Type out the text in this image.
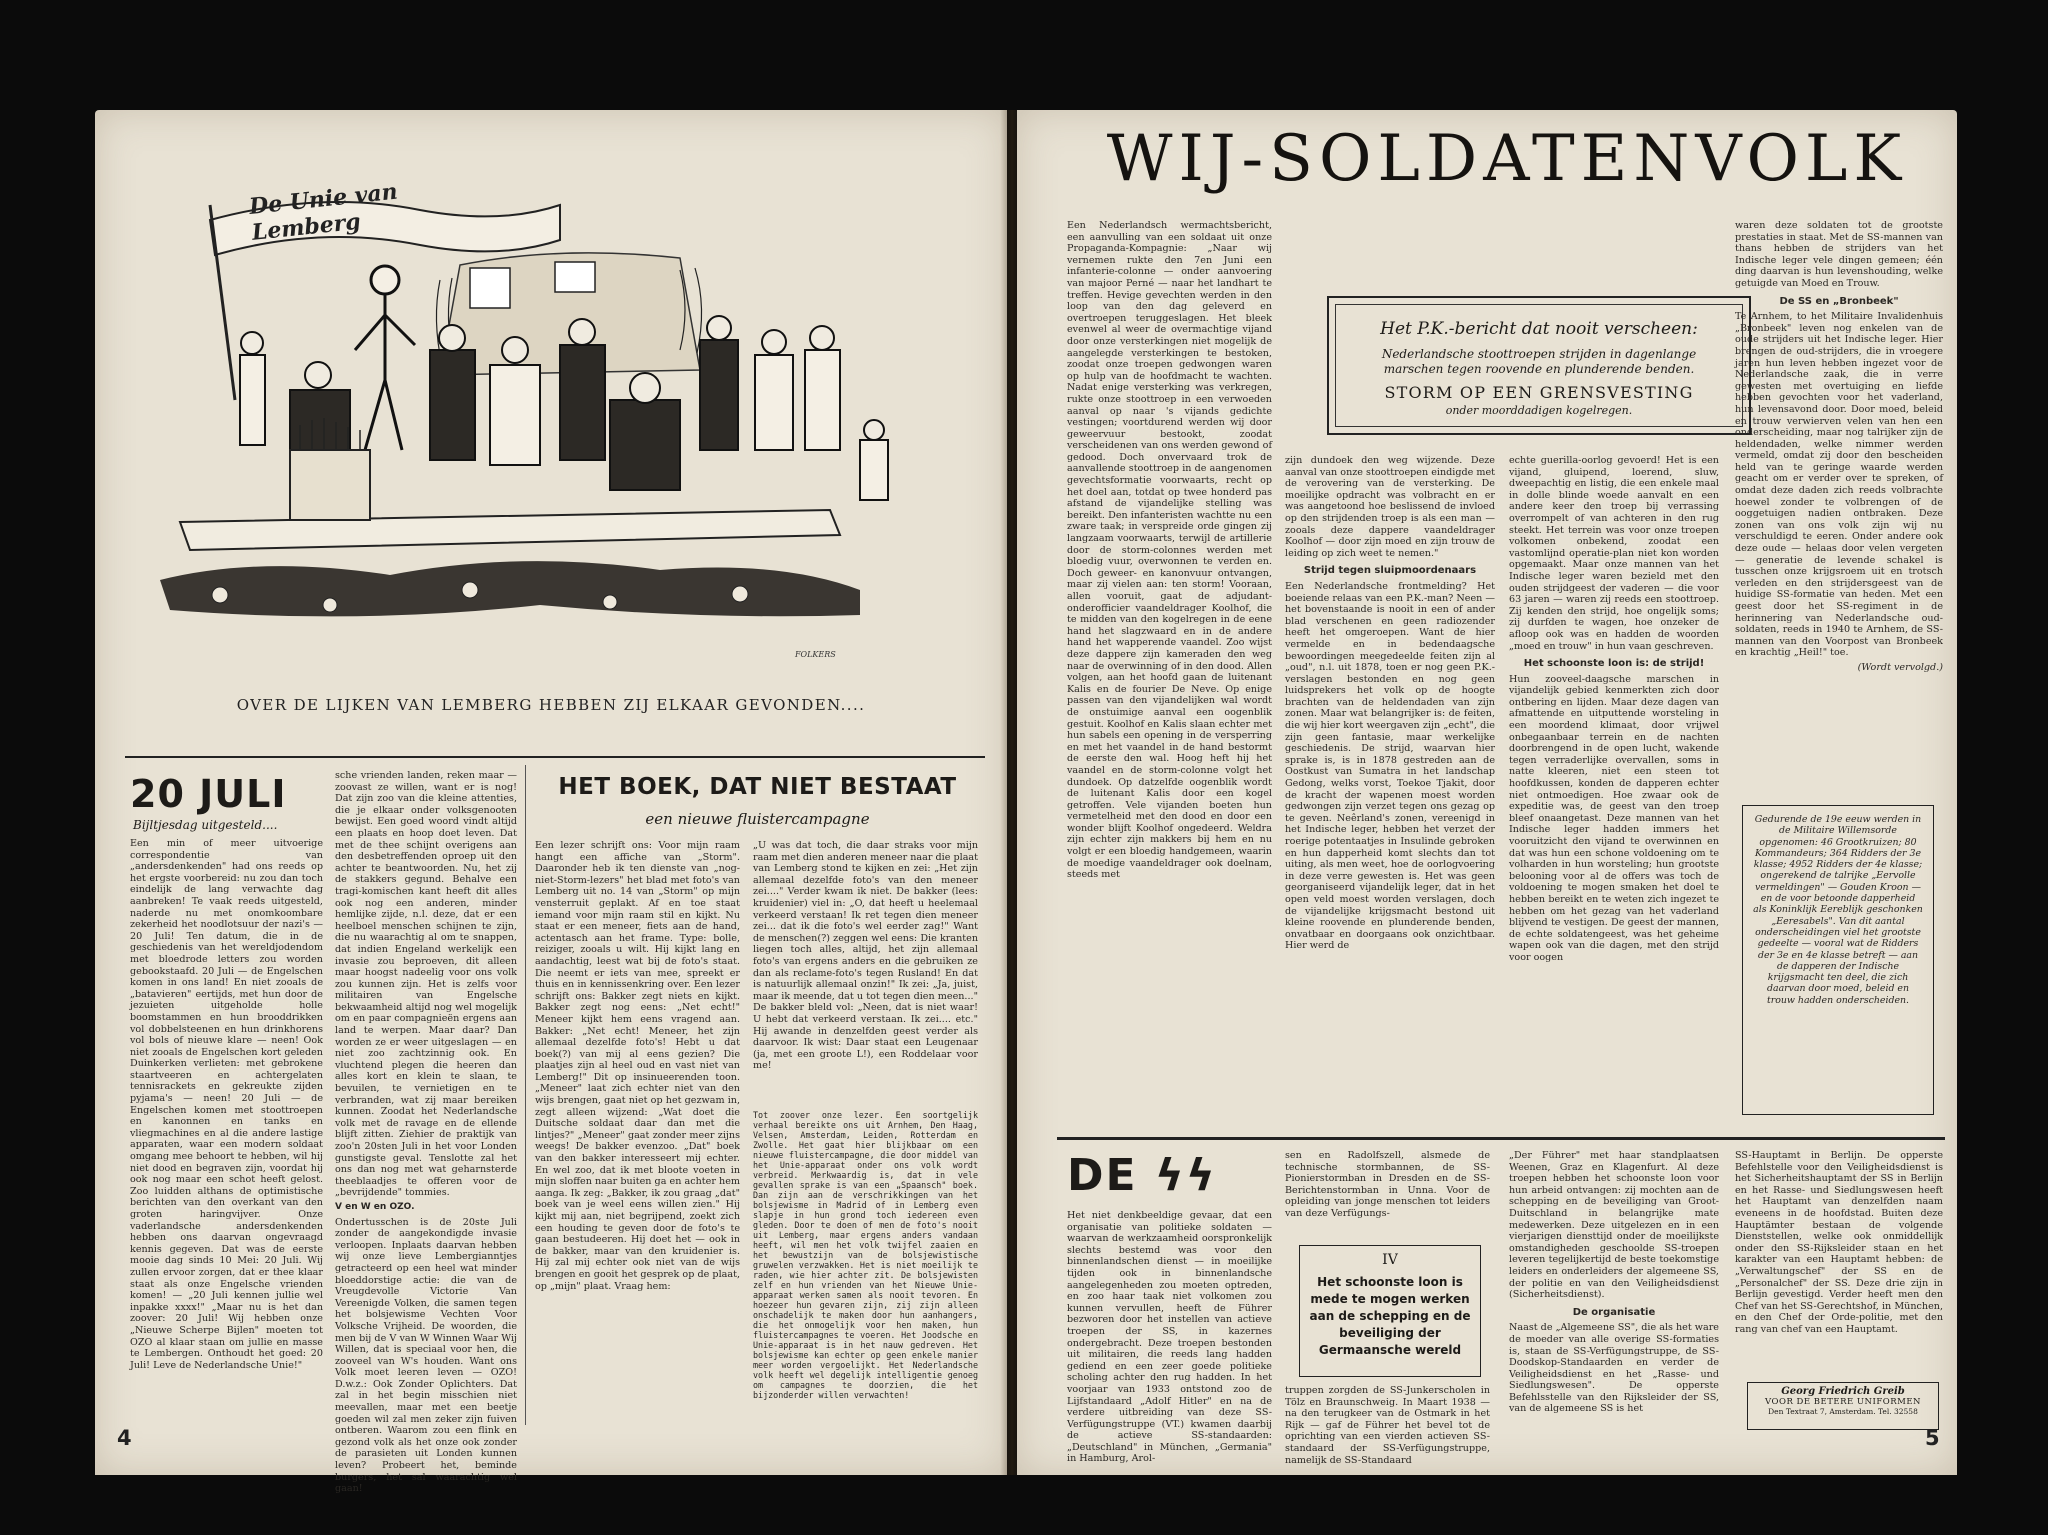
De Unie van Lemberg
FOLKERS
OVER DE LIJKEN VAN LEMBERG HEBBEN ZIJ ELKAAR GEVONDEN....
20 JULI
Bijltjesdag uitgesteld....

Een min of meer uitvoerige correspondentie van „andersdenkenden" had ons reeds op het ergste voorbereid: nu zou dan toch eindelijk de lang verwachte dag aanbreken! Te vaak reeds uitgesteld, naderde nu met onomkoombare zekerheid het noodlotsuur der nazi's — 20 Juli! Ten datum, die in de geschiedenis van het wereldjodendom met bloedrode letters zou worden gebookstaafd. 20 Juli — de Engelschen komen in ons land! En niet zooals de „batavieren" eertijds, met hun door de jezuieten uitgeholde holle boomstammen en hun brooddrikken vol dobbelsteenen en hun drinkhorens vol bols of nieuwe klare — neen! Ook niet zooals de Engelschen kort geleden Duinkerken verlieten: met gebrokene staartveeren en achtergelaten tennisrackets en gekreukte zijden pyjama's — neen! 20 Juli — de Engelschen komen met stoottroepen en kanonnen en tanks en vliegmachines en al die andere lastige apparaten, waar een modern soldaat omgang mee behoort te hebben, wil hij niet dood en begraven zijn, voordat hij ook nog maar een schot heeft gelost. Zoo luidden althans de optimistische berichten van den overkant van den groten haringvijver. Onze vaderlandsche andersdenkenden hebben ons daarvan ongevraagd kennis gegeven. Dat was de eerste mooie dag sinds 10 Mei: 20 Juli. Wij zullen ervoor zorgen, dat er thee klaar staat als onze Engelsche vrienden komen! — „20 Juli kennen jullie wel inpakke xxxx!" „Maar nu is het dan zoover: 20 Juli! Wij hebben onze „Nieuwe Scherpe Bijlen" moeten tot OZO al klaar staan om jullie en masse te Lembergen. Onthoudt het goed: 20 Juli! Leve de Nederlandsche Unie!"

sche vrienden landen, reken maar — zoovast ze willen, want er is nog! Dat zijn zoo van die kleine attenties, die je elkaar onder volksgenooten bewijst. Een goed woord vindt altijd een plaats en hoop doet leven. Dat met de thee schijnt overigens aan den desbetreffenden oproep uit den achter te beantwoorden. Nu, het zij de stakkers gegund. Behalve een tragi-komischen kant heeft dit alles ook nog een anderen, minder hemlijke zijde, n.l. deze, dat er een heelboel menschen schijnen te zijn, die nu waarachtig al om te snappen, dat indien Engeland werkelijk een invasie zou beproeven, dit alleen maar hoogst nadeelig voor ons volk zou kunnen zijn. Het is zelfs voor militairen van Engelsche bekwaamheid altijd nog wel mogelijk om en paar compagnieën ergens aan land te werpen. Maar daar? Dan worden ze er weer uitgeslagen — en niet zoo zachtzinnig ook. En vluchtend plegen die heeren dan alles kort en klein te slaan, te bevuilen, te vernietigen en te verbranden, wat zij maar bereiken kunnen. Zoodat het Nederlandsche volk met de ravage en de ellende blijft zitten. Ziehier de praktijk van zoo'n 20sten Juli in het voor Londen gunstigste geval. Tenslotte zal het ons dan nog met wat geharnsterde theeblaadjes te offeren voor de „bevrijdende" tommies.

V en W en OZO.

Ondertusschen is de 20ste Juli zonder de aangekondigde invasie verloopen. Inplaats daarvan hebben wij onze lieve Lembergianntjes getracteerd op een heel wat minder bloeddorstige actie: die van de Vreugdevolle Victorie Van Vereenigde Volken, die samen tegen het bolsjewisme Vechten Voor Volksche Vrijheid. De woorden, die men bij de V van W Winnen Waar Wij Willen, dat is speciaal voor hen, die zooveel van W's houden. Want ons Volk moet leeren leven — OZO! D.w.z.: Ook Zonder Oplichters. Dat zal in het begin misschien niet meevallen, maar met een beetje goeden wil zal men zeker zijn fuiven ontberen. Waarom zou een flink en gezond volk als het onze ook zonder de parasieten uit Londen kunnen leven? Probeert het, beminde burgers, het sal waarachtig wel gaan!

HET BOEK, DAT NIET BESTAAT
een nieuwe fluistercampagne

Een lezer schrijft ons: Voor mijn raam hangt een affiche van „Storm". Daaronder heb ik ten dienste van „nog-niet-Storm-lezers" het blad met foto's van Lemberg uit no. 14 van „Storm" op mijn vensterruit geplakt. Af en toe staat iemand voor mijn raam stil en kijkt. Nu staat er een meneer, fiets aan de hand, actentasch aan het frame. Type: bolle, reiziger, zooals u wilt. Hij kijkt lang en aandachtig, leest wat bij de foto's staat. Die neemt er iets van mee, spreekt er thuis en in kennissenkring over. Een lezer schrijft ons: Bakker zegt niets en kijkt. Bakker zegt nog eens: „Net echt!" Meneer kijkt hem eens vragend aan. Bakker: „Net echt! Meneer, het zijn allemaal dezelfde foto's! Hebt u dat boek(?) van mij al eens gezien? Die plaatjes zijn al heel oud en vast niet van Lemberg!" Dit op insinueerenden toon. „Meneer" laat zich echter niet van den wijs brengen, gaat niet op het gezwam in, zegt alleen wijzend: „Wat doet die Duitsche soldaat daar dan met die lintjes?" „Meneer" gaat zonder meer zijns weegs! De bakker evenzoo. „Dat" boek van den bakker interesseert mij echter. En wel zoo, dat ik met bloote voeten in mijn sloffen naar buiten ga en achter hem aanga. Ik zeg: „Bakker, ik zou graag „dat" boek van je weel eens willen zien." Hij kijkt mij aan, niet begrijpend, zoekt zich een houding te geven door de foto's te gaan bestudeeren. Hij doet het — ook in de bakker, maar van den kruidenier is. Hij zal mij echter ook niet van de wijs brengen en gooit het gesprek op de plaat, op „mijn" plaat. Vraag hem:

„U was dat toch, die daar straks voor mijn raam met dien anderen meneer naar die plaat van Lemberg stond te kijken en zei: „Het zijn allemaal dezelfde foto's van den meneer zei...." Verder kwam ik niet. De bakker (lees: kruidenier) viel in: „O, dat heeft u heelemaal verkeerd verstaan! Ik ret tegen dien meneer zei... dat ik die foto's wel eerder zag!" Want de menschen(?) zeggen wel eens: Die kranten liegen toch alles, altijd, het zijn allemaal foto's van ergens anders en die gebruiken ze dan als reclame-foto's tegen Rusland! En dat is natuurlijk allemaal onzin!" Ik zei: „Ja, juist, maar ik meende, dat u tot tegen dien meen..." De bakker bleld vol: „Neen, dat is niet waar! U hebt dat verkeerd verstaan. Ik zei.... etc." Hij awande in denzelfden geest verder als daarvoor. Ik wist: Daar staat een Leugenaar (ja, met een groote L!), een Roddelaar voor me!

Tot zoover onze lezer. Een soortgelijk verhaal bereikte ons uit Arnhem, Den Haag, Velsen, Amsterdam, Leiden, Rotterdam en Zwolle. Het gaat hier blijkbaar om een nieuwe fluistercampagne, die door middel van het Unie-apparaat onder ons volk wordt verbreid. Merkwaardig is, dat in vele gevallen sprake is van een „Spaansch" boek. Dan zijn aan de verschrikkingen van het bolsjewisme in Madrid of in Lemberg even slapje in hun grond toch iedereen even gleden. Door te doen of men de foto's nooit uit Lemberg, maar ergens anders vandaan heeft, wil men het volk twijfel zaaien en het bewustzijn van de bolsjewistische gruwelen verzwakken. Het is niet moeilijk te raden, wie hier achter zit. De bolsjewisten zelf en hun vrienden van het Nieuwe Unie-apparaat werken samen als nooit tevoren. En hoezeer hun gevaren zijn, zij zijn alleen onschadelijk te maken door hun aanhangers, die het onmogelijk voor hen maken, hun fluistercampagnes te voeren. Het Joodsche en Unie-apparaat is in het nauw gedreven. Het bolsjewisme kan echter op geen enkele manier meer worden vergoelijkt. Het Nederlandsche volk heeft wel degelijk intelligentie genoeg om campagnes te doorzien, die het bijzonderder willen verwachten!

4
WIJ-SOLDATENVOLK

Een Nederlandsch wermachtsbericht, een aanvulling van een soldaat uit onze Propaganda-Kompagnie: „Naar wij vernemen rukte den 7en Juni een infanterie-colonne — onder aanvoering van majoor Perné — naar het landhart te treffen. Hevige gevechten werden in den loop van den dag geleverd en overtroepen teruggeslagen. Het bleek evenwel al weer de overmachtige vijand door onze versterkingen niet mogelijk de aangelegde versterkingen te bestoken, zoodat onze troepen gedwongen waren op hulp van de hoofdmacht te wachten. Nadat enige versterking was verkregen, rukte onze stoottroep in een verwoeden aanval op naar 's vijands gedichte vestingen; voortdurend werden wij door geweervuur bestookt, zoodat verscheidenen van ons werden gewond of gedood. Doch onvervaard trok de aanvallende stoottroep in de aangenomen gevechtsformatie voorwaarts, recht op het doel aan, totdat op twee honderd pas afstand de vijandelijke stelling was bereikt. Den infanteristen wachtte nu een zware taak; in verspreide orde gingen zij langzaam voorwaarts, terwijl de artillerie door de storm-colonnes werden met bloedig vuur, overwonnen te verden en. Doch geweer- en kanonvuur ontvangen, maar zij vielen aan: ten storm! Vooraan, allen vooruit, gaat de adjudant-onderofficier vaandeldrager Koolhof, die te midden van den kogelregen in de eene hand het slagzwaard en in de andere hand het wapperende vaandel. Zoo wijst deze dappere zijn kameraden den weg naar de overwinning of in den dood. Allen volgen, aan het hoofd gaan de luitenant Kalis en de fourier De Neve. Op enige passen van den vijandelijken wal wordt de onstuimige aanval een oogenblik gestuit. Koolhof en Kalis slaan echter met hun sabels een opening in de versperring en met het vaandel in de hand bestormt de eerste den wal. Hoog heft hij het vaandel en de storm-colonne volgt het dundoek. Op datzelfde oogenblik wordt de luitenant Kalis door een kogel getroffen. Vele vijanden boeten hun vermetelheid met den dood en door een wonder blijft Koolhof ongedeerd. Weldra zijn echter zijn makkers bij hem en nu volgt er een bloedig handgemeen, waarin de moedige vaandeldrager ook doelnam, steeds met

Het P.K.-bericht dat nooit verscheen:
Nederlandsche stoottroepen strijden in dagenlange marschen tegen roovende en plunderende benden.
STORM OP EEN GRENSVESTING
onder moorddadigen kogelregen.

zijn dundoek den weg wijzende. Deze aanval van onze stoottroepen eindigde met de verovering van de versterking. De moeilijke opdracht was volbracht en er was aangetoond hoe beslissend de invloed op den strijdenden troep is als een man — zooals deze dappere vaandeldrager Koolhof — door zijn moed en zijn trouw de leiding op zich weet te nemen."

Strijd tegen sluipmoordenaars

Een Nederlandsche frontmelding? Het boeiende relaas van een P.K.-man? Neen — het bovenstaande is nooit in een of ander blad verschenen en geen radiozender heeft het omgeroepen. Want de hier vermelde en in bedendaagsche bewoordingen meegedeelde feiten zijn al „oud", n.l. uit 1878, toen er nog geen P.K.-verslagen bestonden en nog geen luidsprekers het volk op de hoogte brachten van de heldendaden van zijn zonen. Maar wat belangrijker is: de feiten, die wij hier kort weergaven zijn „echt", die zijn geen fantasie, maar werkelijke geschiedenis. De strijd, waarvan hier sprake is, is in 1878 gestreden aan de Oostkust van Sumatra in het landschap Gedong, welks vorst, Toekoe Tjakit, door de kracht der wapenen moest worden gedwongen zijn verzet tegen ons gezag op te geven. Neêrland's zonen, vereenigd in het Indische leger, hebben het verzet der roerige potentaatjes in Insulinde gebroken en hun dapperheid komt slechts dan tot uiting, als men weet, hoe de oorlogvoering in deze verre gewesten is. Het was geen georganiseerd vijandelijk leger, dat in het open veld moest worden verslagen, doch de vijandelijke krijgsmacht bestond uit kleine roovende en plunderende benden, onvatbaar en doorgaans ook onzichtbaar. Hier werd de

echte guerilla-oorlog gevoerd! Het is een vijand, gluipend, loerend, sluw, dweepachtig en listig, die een enkele maal in dolle blinde woede aanvalt en een andere keer den troep bij verrassing overrompelt of van achteren in den rug steekt. Het terrein was voor onze troepen volkomen onbekend, zoodat een vastomlijnd operatie-plan niet kon worden opgemaakt. Maar onze mannen van het Indische leger waren bezield met den ouden strijdgeest der vaderen — die voor 63 jaren — waren zij reeds een stoottroep. Zij kenden den strijd, hoe ongelijk soms; zij durfden te wagen, hoe onzeker de afloop ook was en hadden de woorden „moed en trouw" in hun vaan geschreven.

Het schoonste loon is: de strijd!

Hun zooveel-daagsche marschen in vijandelijk gebied kenmerkten zich door ontbering en lijden. Maar deze dagen van afmattende en uitputtende worsteling in een moordend klimaat, door vrijwel onbegaanbaar terrein en de nachten doorbrengend in de open lucht, wakende tegen verraderlijke overvallen, soms in natte kleeren, niet een steen tot hoofdkussen, konden de dapperen echter niet ontmoedigen. Hoe zwaar ook de expeditie was, de geest van den troep bleef onaangetast. Deze mannen van het Indische leger hadden immers het vooruitzicht den vijand te overwinnen en dat was hun een schone voldoening om te volharden in hun worsteling; hun grootste belooning voor al de offers was toch de voldoening te mogen smaken het doel te hebben bereikt en te weten zich ingezet te hebben om het gezag van het vaderland blijvend te vestigen. De geest der mannen, de echte soldatengeest, was het geheime wapen ook van die dagen, met den strijd voor oogen

waren deze soldaten tot de grootste prestaties in staat. Met de SS-mannen van thans hebben de strijders van het Indische leger vele dingen gemeen; één ding daarvan is hun levenshouding, welke getuigde van Moed en Trouw.

De SS en „Bronbeek"

Te Arnhem, to het Militaire Invalidenhuis „Bronbeek" leven nog enkelen van de oude strijders uit het Indische leger. Hier brengen de oud-strijders, die in vroegere jaren hun leven hebben ingezet voor de Nederlandsche zaak, die in verre gewesten met overtuiging en liefde hebben gevochten voor het vaderland, hun levensavond door. Door moed, beleid en trouw verwierven velen van hen een onderscheiding, maar nog talrijker zijn de heldendaden, welke nimmer werden vermeld, omdat zij door den bescheiden held van te geringe waarde werden geacht om er verder over te spreken, of omdat deze daden zich reeds volbrachte hoewel zonder te volbrengen of de ooggetuigen nadien ontbraken. Deze zonen van ons volk zijn wij nu verschuldigd te eeren. Onder andere ook deze oude — helaas door velen vergeten — generatie de levende schakel is tusschen onze krijgsroem uit en trotsch verleden en den strijdersgeest van de huidige SS-formatie van heden. Met een geest door het SS-regiment in de herinnering van Nederlandsche oud-soldaten, reeds in 1940 te Arnhem, de SS-mannen van den Voorpost van Bronbeek en krachtig „Heil!" toe.

(Wordt vervolgd.)

Gedurende de 19e eeuw werden in de Militaire Willemsorde opgenomen: 46 Grootkruizen; 80 Kommandeurs; 364 Ridders der 3e klasse; 4952 Ridders der 4e klasse; ongerekend de talrijke „Eervolle vermeldingen" — Gouden Kroon — en de voor betoonde dapperheid als Koninklijk Eereblijk geschonken „Eeresabels". Van dit aantal onderscheidingen viel het grootste gedeelte — vooral wat de Ridders der 3e en 4e klasse betreft — aan de dapperen der Indische krijgsmacht ten deel, die zich daarvan door moed, beleid en trouw hadden onderscheiden.
DE ϟϟ

Het niet denkbeeldige gevaar, dat een organisatie van politieke soldaten — waarvan de werkzaamheid oorspronkelijk slechts bestemd was voor den binnenlandschen dienst — in moeilijke tijden ook in binnenlandsche aangelegenheden zou moeten optreden, en zoo haar taak niet volkomen zou kunnen vervullen, heeft de Führer bezworen door het instellen van actieve troepen der SS, in kazernes ondergebracht. Deze troepen bestonden uit militairen, die reeds lang hadden gediend en een zeer goede politieke scholing achter den rug hadden. In het voorjaar van 1933 ontstond zoo de Lijfstandaard „Adolf Hitler" en na de verdere uitbreiding van deze SS-Verfügungstruppe (VT.) kwamen daarbij de actieve SS-standaarden: „Deutschland" in München, „Germania" in Hamburg, Arol-

sen en Radolfszell, alsmede de technische stormbannen, de SS-Pionierstormban in Dresden en de SS-Berichtenstormban in Unna. Voor de opleiding van jonge menschen tot leiders van deze Verfügungs-

IV
Het schoonste loon is mede te mogen werken aan de schepping en de beveiliging der Germaansche wereld

truppen zorgden de SS-Junkerscholen in Tölz en Braunschweig. In Maart 1938 — na den terugkeer van de Ostmark in het Rijk — gaf de Führer het bevel tot de oprichting van een vierden actieven SS-standaard der SS-Verfügungstruppe, namelijk de SS-Standaard

„Der Führer" met haar standplaatsen Weenen, Graz en Klagenfurt. Al deze troepen hebben het schoonste loon voor hun arbeid ontvangen: zij mochten aan de schepping en de beveiliging van Groot-Duitschland in belangrijke mate medewerken. Deze uitgelezen en in een vierjarigen diensttijd onder de moeilijkste omstandigheden geschoolde SS-troepen leveren tegelijkertijd de beste toekomstige leiders en onderleiders der algemeene SS, der politie en van den Veiligheidsdienst (Sicherheitsdienst).

De organisatie

Naast de „Algemeene SS", die als het ware de moeder van alle overige SS-formaties is, staan de SS-Verfügungstruppe, de SS-Doodskop-Standaarden en verder de Veiligheidsdienst en het „Rasse- und Siedlungswesen". De opperste Befehlsstelle van den Rijksleider der SS, van de algemeene SS is het

SS-Hauptamt in Berlijn. De opperste Befehlstelle voor den Veiligheidsdienst is het Sicherheitshauptamt der SS in Berlijn en het Rasse- und Siedlungswesen heeft het Hauptamt van denzelfden naam eveneens in de hoofdstad. Buiten deze Hauptämter bestaan de volgende Dienststellen, welke ook onmiddellijk onder den SS-Rijksleider staan en het karakter van een Hauptamt hebben: de „Verwaltungschef" der SS en de „Personalchef" der SS. Deze drie zijn in Berlijn gevestigd. Verder heeft men den Chef van het SS-Gerechtshof, in München, en den Chef der Orde-politie, met den rang van chef van een Hauptamt.

Georg Friedrich Greib
VOOR DE BETERE UNIFORMEN
Den Textraat 7, Amsterdam. Tel. 32558
5
